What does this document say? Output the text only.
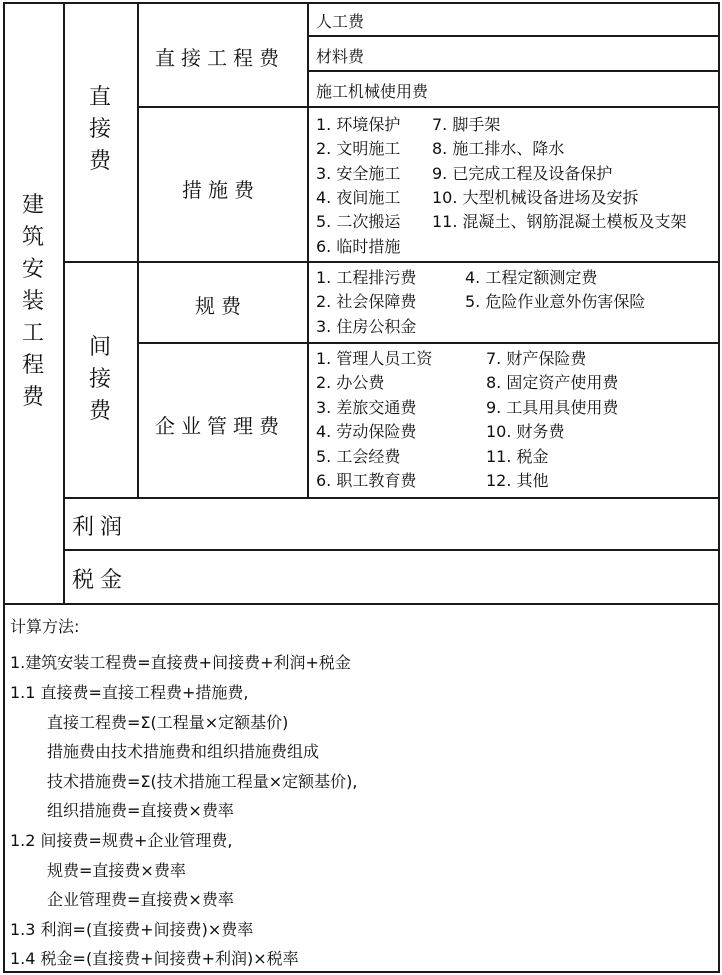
建
筑
安
装
工
程
费
直
接
费
间
接
费
直接工程费
人工费
材料费
施工机械使用费
措施费
1. 环境保护
2. 文明施工
3. 安全施工
4. 夜间施工
5. 二次搬运
6. 临时措施
7. 脚手架
8. 施工排水、降水
9. 已完成工程及设备保护
10. 大型机械设备进场及安拆
11. 混凝土、钢筋混凝土模板及支架
规费
1. 工程排污费
2. 社会保障费
3. 住房公积金
4. 工程定额测定费
5. 危险作业意外伤害保险
企业管理费
1. 管理人员工资
2. 办公费
3. 差旅交通费
4. 劳动保险费
5. 工会经费
6. 职工教育费
7. 财产保险费
8. 固定资产使用费
9. 工具用具使用费
10. 财务费
11. 税金
12. 其他
利润
税金
计算方法:
1.建筑安装工程费=直接费+间接费+利润+税金
1.1 直接费=直接工程费+措施费,
直接工程费=Σ(工程量×定额基价)
措施费由技术措施费和组织措施费组成
技术措施费=Σ(技术措施工程量×定额基价),
组织措施费=直接费×费率
1.2 间接费=规费+企业管理费,
规费=直接费×费率
企业管理费=直接费×费率
1.3 利润=(直接费+间接费)×费率
1.4 税金=(直接费+间接费+利润)×税率
